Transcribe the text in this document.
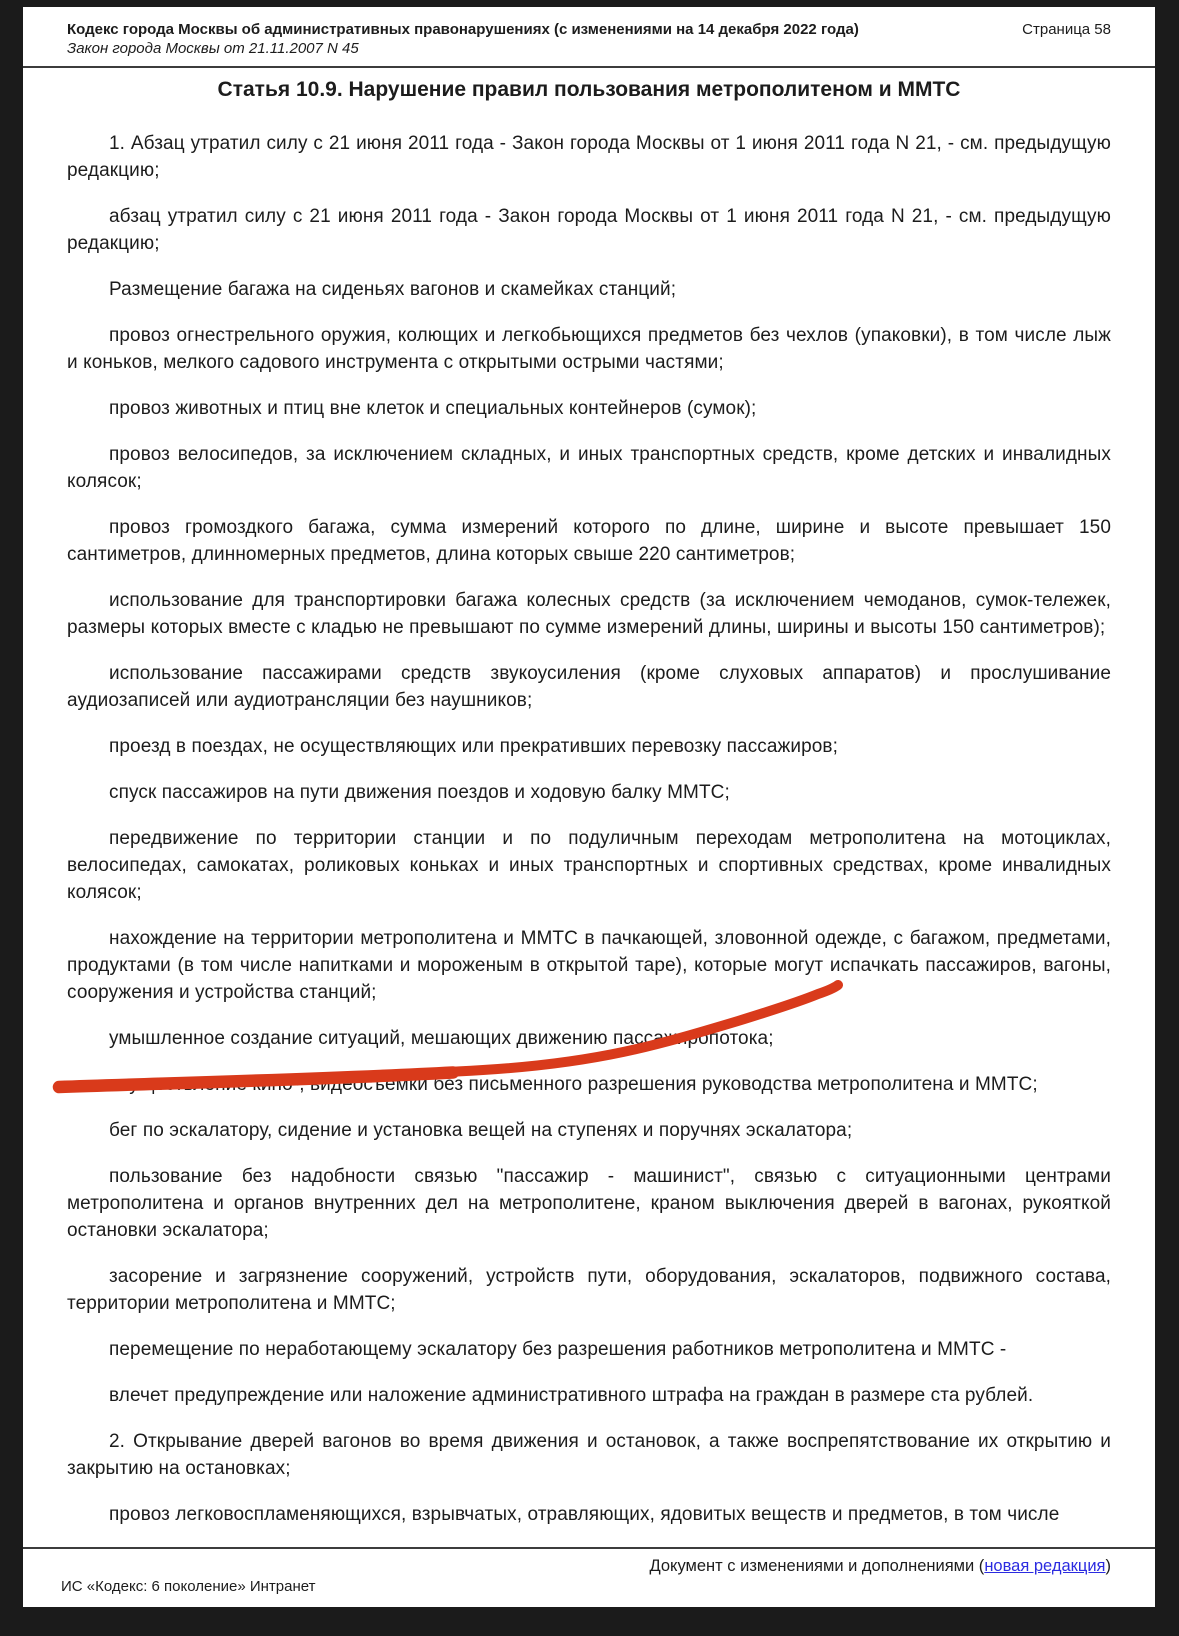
Кодекс города Москвы об административных правонарушениях (с изменениями на 14 декабря 2022 года)
Закон города Москвы от 21.11.2007 N 45
Страница 58
Статья 10.9. Нарушение правил пользования метрополитеном и ММТС

1. Абзац утратил силу с 21 июня 2011 года - Закон города Москвы от 1 июня 2011 года N 21, - см. предыдущую редакцию;

абзац утратил силу с 21 июня 2011 года - Закон города Москвы от 1 июня 2011 года N 21, - см. предыдущую редакцию;

Размещение багажа на сиденьях вагонов и скамейках станций;

провоз огнестрельного оружия, колющих и легкобьющихся предметов без чехлов (упаковки), в том числе лыж и коньков, мелкого садового инструмента с открытыми острыми частями;

провоз животных и птиц вне клеток и специальных контейнеров (сумок);

провоз велосипедов, за исключением складных, и иных транспортных средств, кроме детских и инвалидных колясок;

провоз громоздкого багажа, сумма измерений которого по длине, ширине и высоте превышает 150 сантиметров, длинномерных предметов, длина которых свыше 220 сантиметров;

использование для транспортировки багажа колесных средств (за исключением чемоданов, сумок-тележек, размеры которых вместе с кладью не превышают по сумме измерений длины, ширины и высоты 150 сантиметров);

использование пассажирами средств звукоусиления (кроме слуховых аппаратов) и прослушивание аудиозаписей или аудиотрансляции без наушников;

проезд в поездах, не осуществляющих или прекративших перевозку пассажиров;

спуск пассажиров на пути движения поездов и ходовую балку ММТС;

передвижение по территории станции и по подуличным переходам метрополитена на мотоциклах, велосипедах, самокатах, роликовых коньках и иных транспортных и спортивных средствах, кроме инвалидных колясок;

нахождение на территории метрополитена и ММТС в пачкающей, зловонной одежде, с багажом, предметами, продуктами (в том числе напитками и мороженым в открытой таре), которые могут испачкать пассажиров, вагоны, сооружения и устройства станций;

умышленное создание ситуаций, мешающих движению пассажиропотока;

осуществление кино-, видеосъемки без письменного разрешения руководства метрополитена и ММТС;

бег по эскалатору, сидение и установка вещей на ступенях и поручнях эскалатора;

пользование без надобности связью "пассажир - машинист", связью с ситуационными центрами метрополитена и органов внутренних дел на метрополитене, краном выключения дверей в вагонах, рукояткой остановки эскалатора;

засорение и загрязнение сооружений, устройств пути, оборудования, эскалаторов, подвижного состава, территории метрополитена и ММТС;

перемещение по неработающему эскалатору без разрешения работников метрополитена и ММТС -

влечет предупреждение или наложение административного штрафа на граждан в размере ста рублей.

2. Открывание дверей вагонов во время движения и остановок, а также воспрепятствование их открытию и закрытию на остановках;

провоз легковоспламеняющихся, взрывчатых, отравляющих, ядовитых веществ и предметов, в том числе

Документ с изменениями и дополнениями (новая редакция)
ИС «Кодекс: 6 поколение» Интранет
